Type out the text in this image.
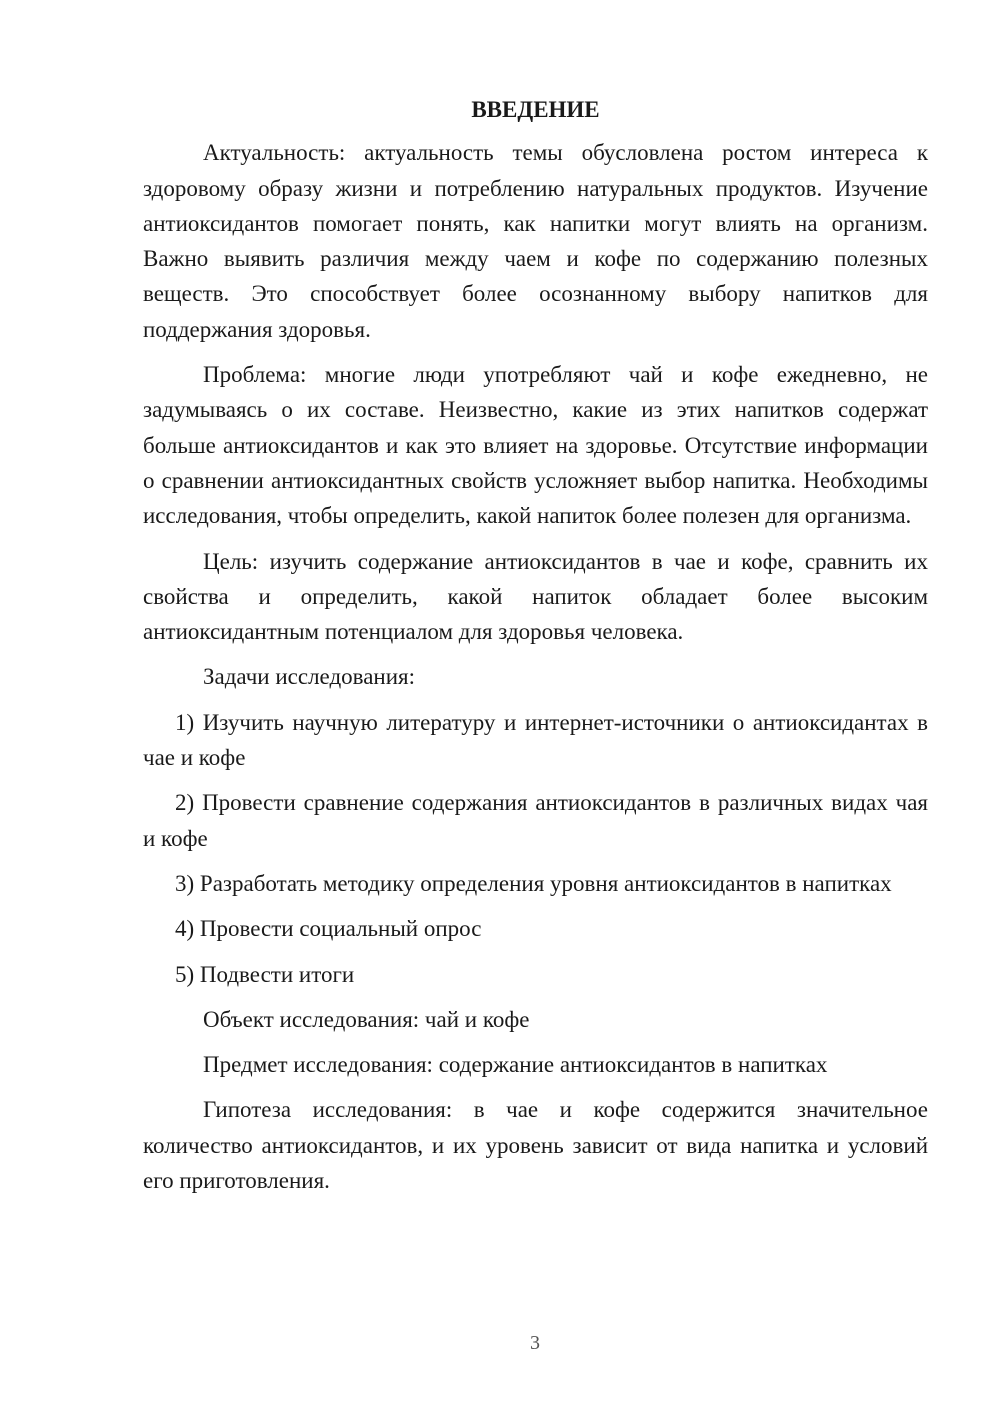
ВВЕДЕНИЕ

Актуальность: актуальность темы обусловлена ростом интереса к здоровому образу жизни и потреблению натуральных продуктов. Изучение антиоксидантов помогает понять, как напитки могут влиять на организм. Важно выявить различия между чаем и кофе по содержанию полезных веществ. Это способствует более осознанному выбору напитков для поддержания здоровья.

Проблема: многие люди употребляют чай и кофе ежедневно, не задумываясь о их составе. Неизвестно, какие из этих напитков содержат больше антиоксидантов и как это влияет на здоровье. Отсутствие информации о сравнении антиоксидантных свойств усложняет выбор напитка. Необходимы исследования, чтобы определить, какой напиток более полезен для организма.

Цель: изучить содержание антиоксидантов в чае и кофе, сравнить их свойства и определить, какой напиток обладает более высоким антиоксидантным потенциалом для здоровья человека.

Задачи исследования:

1) Изучить научную литературу и интернет-источники о антиоксидантах в чае и кофе

2) Провести сравнение содержания антиоксидантов в различных видах чая и кофе

3) Разработать методику определения уровня антиоксидантов в напитках

4) Провести социальный опрос

5) Подвести итоги

Объект исследования: чай и кофе

Предмет исследования: содержание антиоксидантов в напитках

Гипотеза исследования: в чае и кофе содержится значительное количество антиоксидантов, и их уровень зависит от вида напитка и условий его приготовления.

3
